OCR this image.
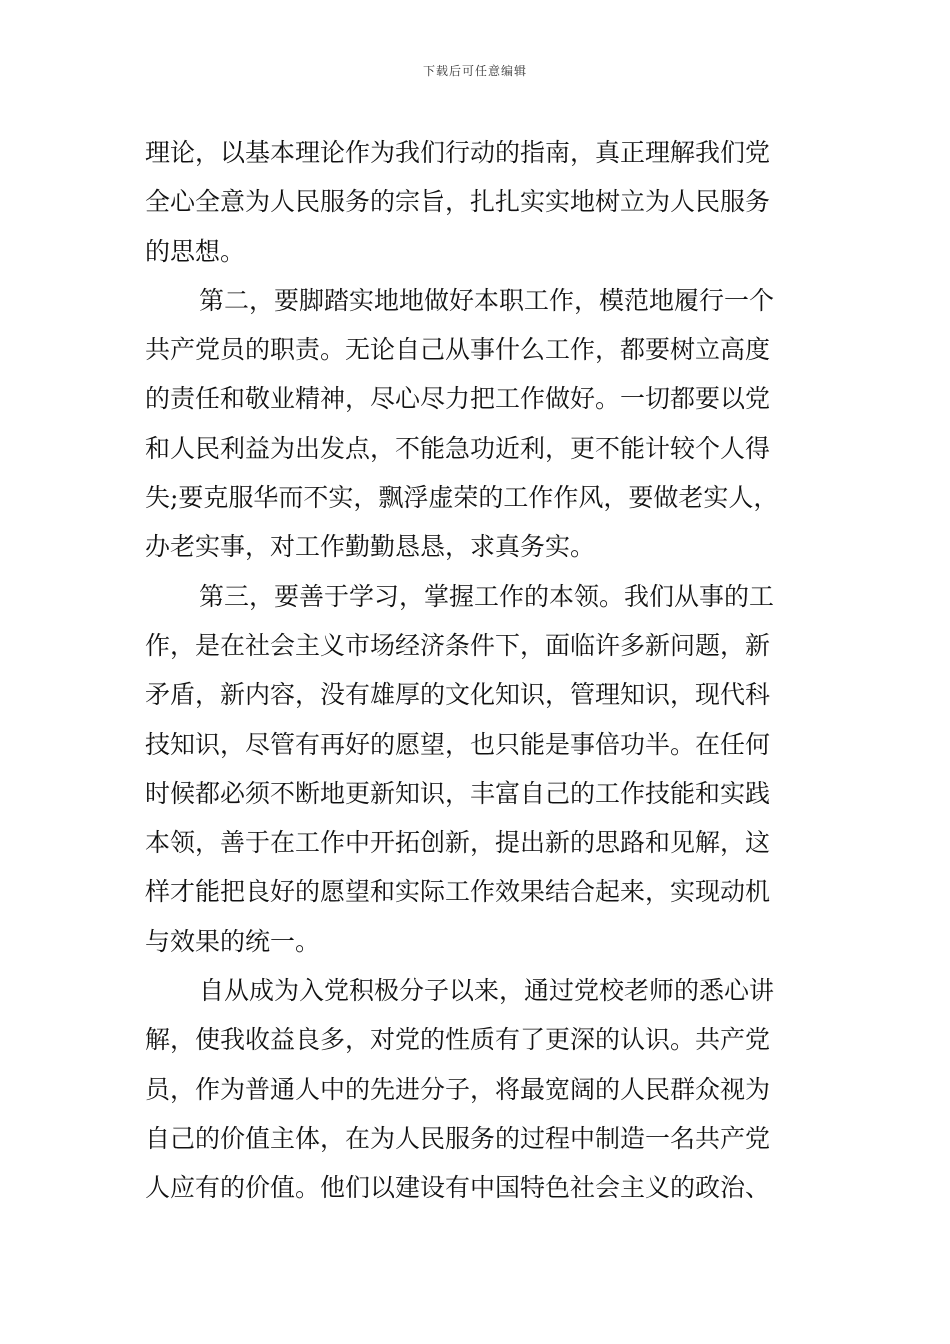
下载后可任意编辑
理论，以基本理论作为我们行动的指南，真正理解我们党
全心全意为人民服务的宗旨，扎扎实实地树立为人民服务
的思想。
第二，要脚踏实地地做好本职工作，模范地履行一个
共产党员的职责。无论自己从事什么工作，都要树立高度
的责任和敬业精神，尽心尽力把工作做好。一切都要以党
和人民利益为出发点，不能急功近利，更不能计较个人得
失;要克服华而不实，飘浮虚荣的工作作风，要做老实人，
办老实事，对工作勤勤恳恳，求真务实。
第三，要善于学习，掌握工作的本领。我们从事的工
作，是在社会主义市场经济条件下，面临许多新问题，新
矛盾，新内容，没有雄厚的文化知识，管理知识，现代科
技知识，尽管有再好的愿望，也只能是事倍功半。在任何
时候都必须不断地更新知识，丰富自己的工作技能和实践
本领，善于在工作中开拓创新，提出新的思路和见解，这
样才能把良好的愿望和实际工作效果结合起来，实现动机
与效果的统一。
自从成为入党积极分子以来，通过党校老师的悉心讲
解，使我收益良多，对党的性质有了更深的认识。共产党
员，作为普通人中的先进分子，将最宽阔的人民群众视为
自己的价值主体，在为人民服务的过程中制造一名共产党
人应有的价值。他们以建设有中国特色社会主义的政治、
